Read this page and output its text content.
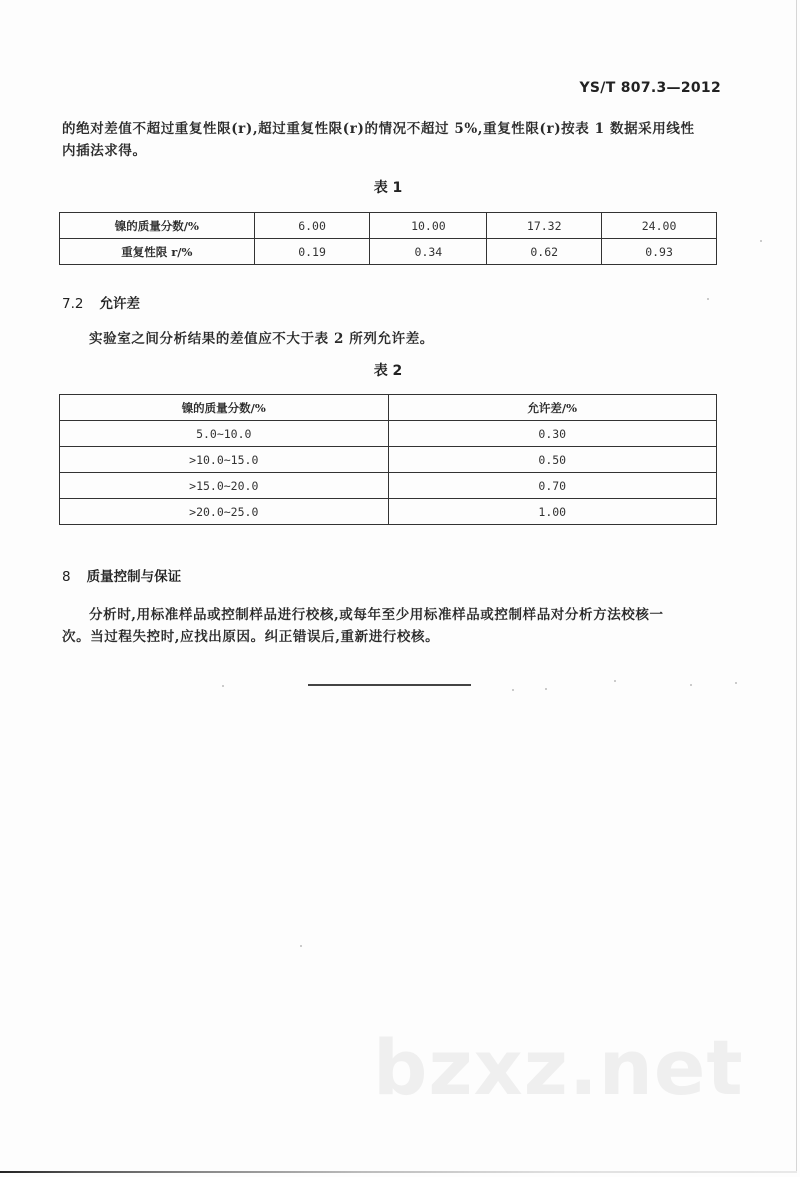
YS/T 807.3—2012
的绝对差值不超过重复性限(r),超过重复性限(r)的情况不超过 5%,重复性限(r)按表 1 数据采用线性
内插法求得。
表 1
镍的质量分数/%	6.00	10.00	17.32	24.00
重复性限 r/%	0.19	0.34	0.62	0.93
7.2 允许差
实验室之间分析结果的差值应不大于表 2 所列允许差。
表 2
镍的质量分数/%	允许差/%
5.0~10.0	0.30
>10.0~15.0	0.50
>15.0~20.0	0.70
>20.0~25.0	1.00
8 质量控制与保证
分析时,用标准样品或控制样品进行校核,或每年至少用标准样品或控制样品对分析方法校核一
次。当过程失控时,应找出原因。纠正错误后,重新进行校核。
bzxz.net
